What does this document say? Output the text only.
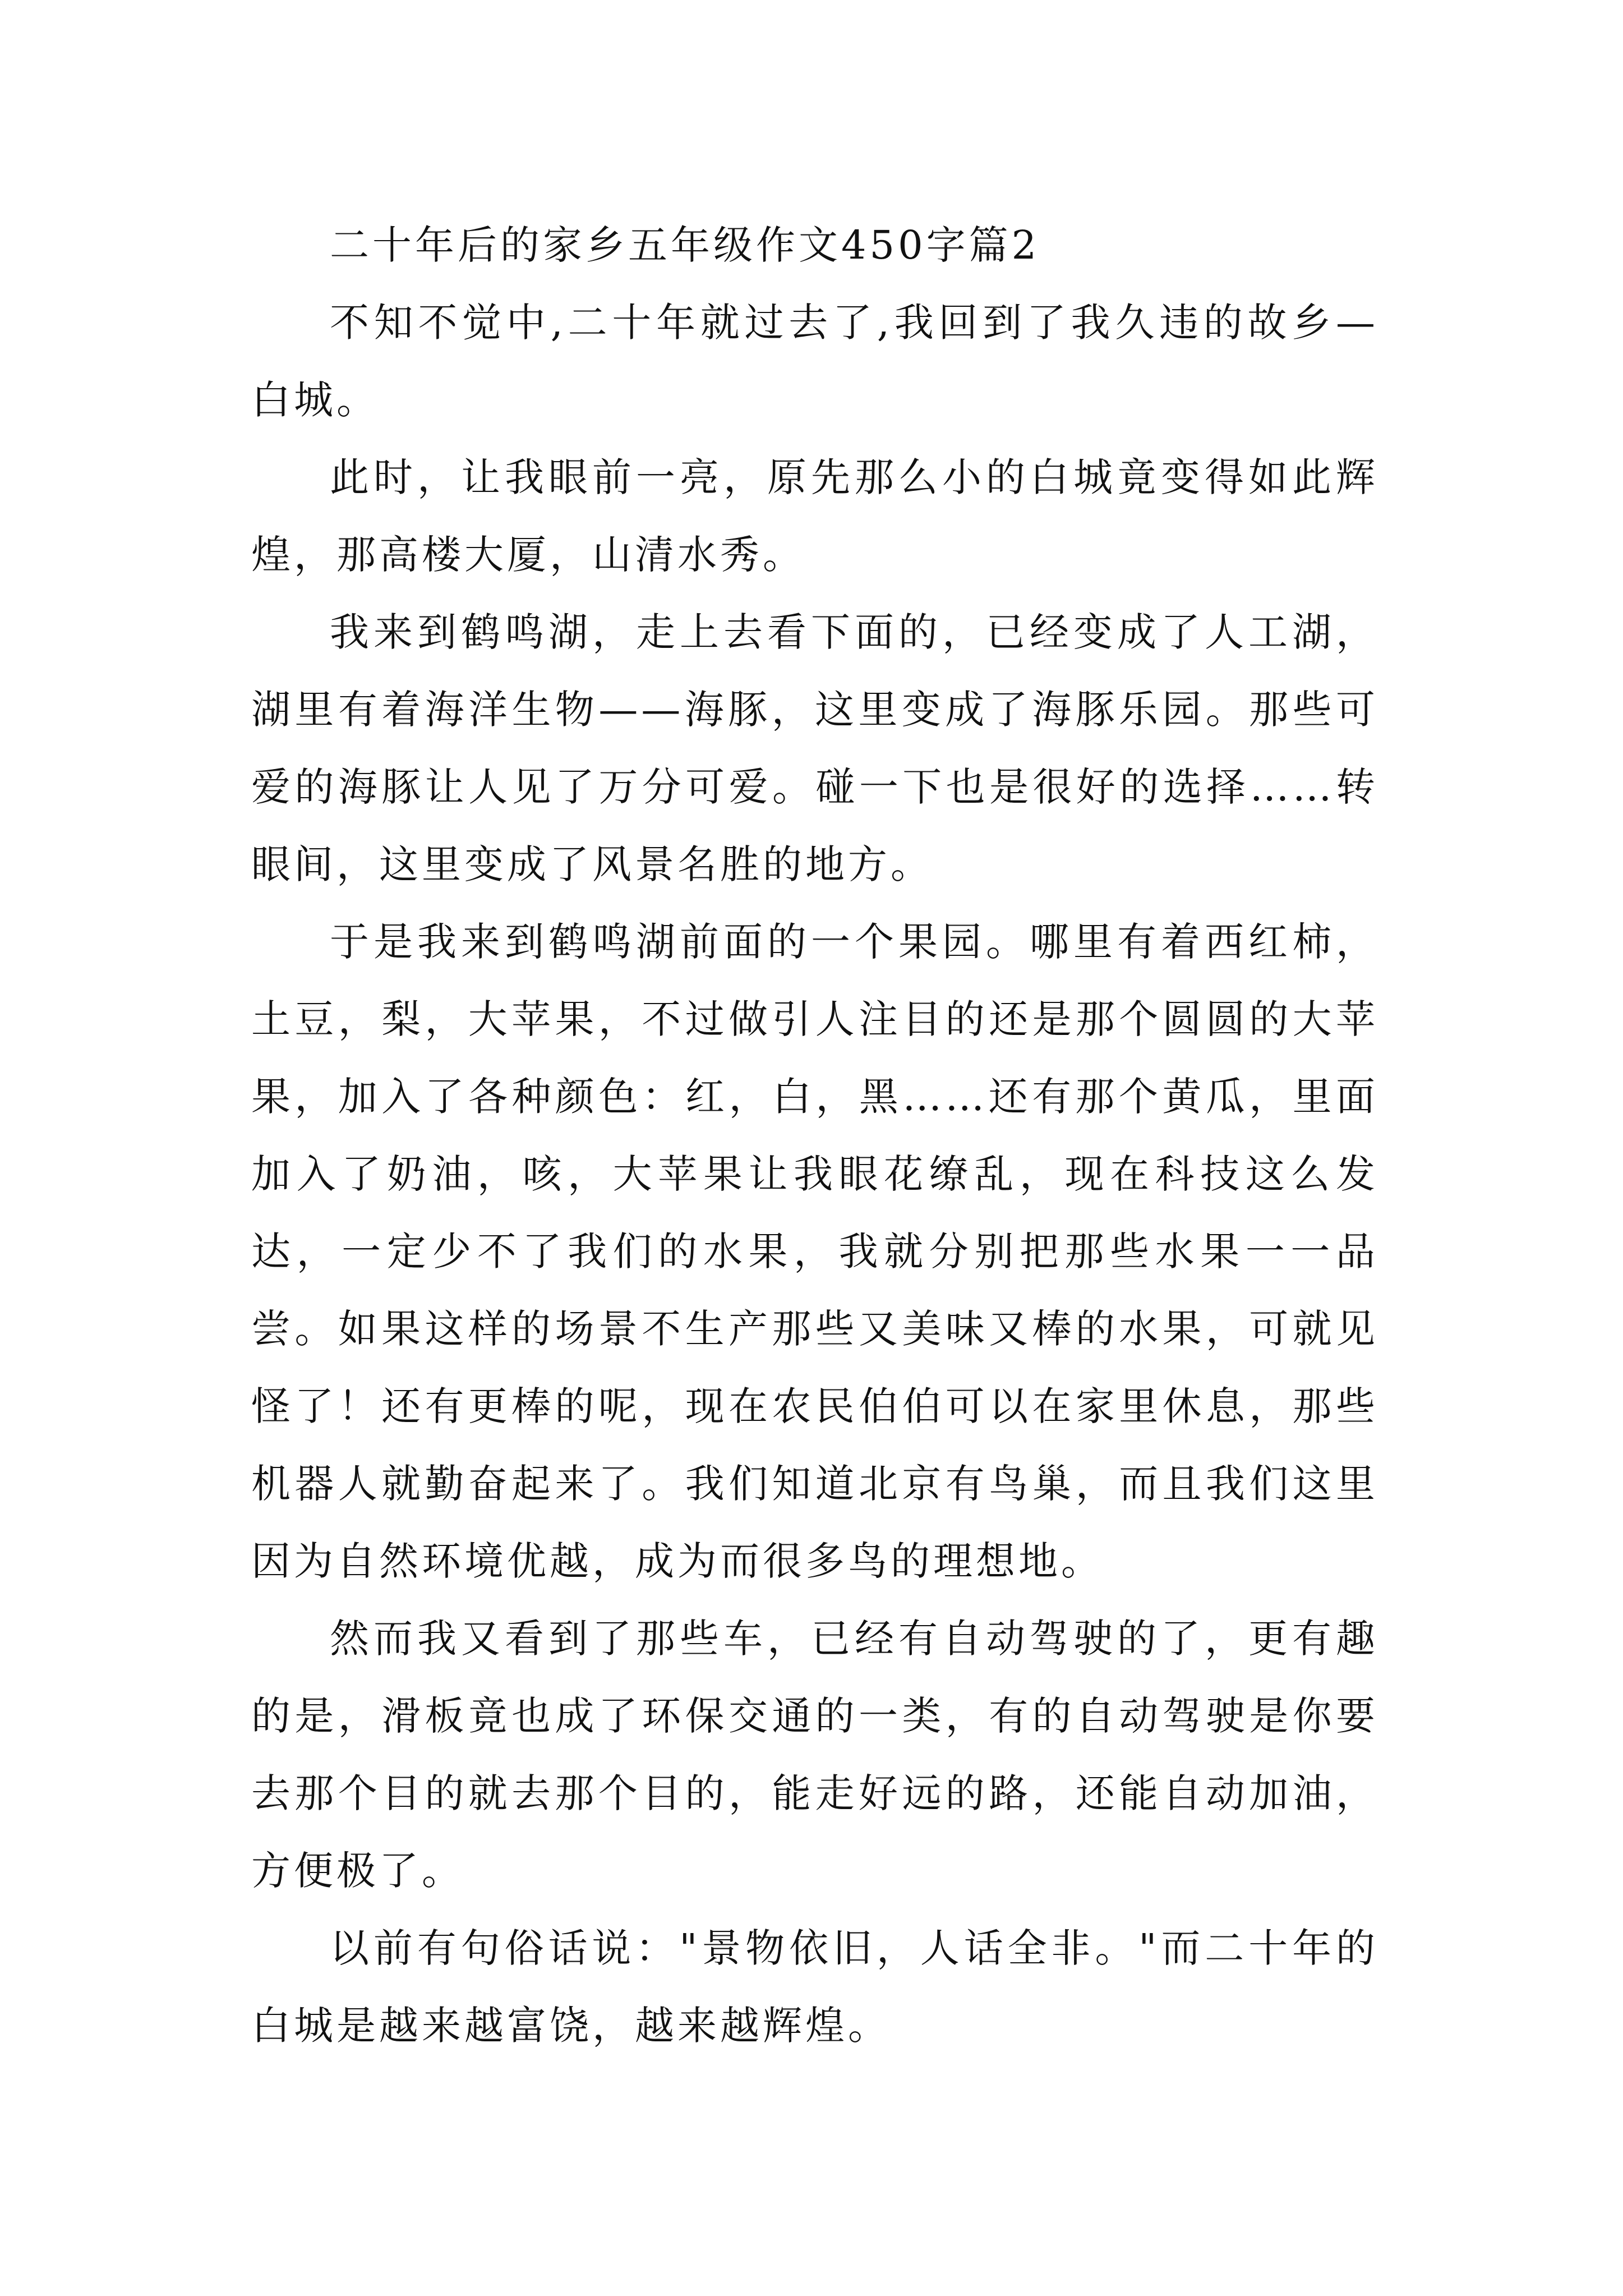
二十年后的家乡五年级作文450字篇2

不知不觉中,二十年就过去了,我回到了我久违的故乡—白城。

此时，让我眼前一亮，原先那么小的白城竟变得如此辉煌，那高楼大厦，山清水秀。

我来到鹤鸣湖，走上去看下面的，已经变成了人工湖，湖里有着海洋生物——海豚，这里变成了海豚乐园。那些可爱的海豚让人见了万分可爱。碰一下也是很好的选择……转眼间，这里变成了风景名胜的地方。

于是我来到鹤鸣湖前面的一个果园。哪里有着西红柿，土豆，梨，大苹果，不过做引人注目的还是那个圆圆的大苹果，加入了各种颜色：红，白，黑……还有那个黄瓜，里面加入了奶油，咳，大苹果让我眼花缭乱，现在科技这么发达，一定少不了我们的水果，我就分别把那些水果一一品尝。如果这样的场景不生产那些又美味又棒的水果，可就见怪了！还有更棒的呢，现在农民伯伯可以在家里休息，那些机器人就勤奋起来了。我们知道北京有鸟巢，而且我们这里因为自然环境优越，成为而很多鸟的理想地。

然而我又看到了那些车，已经有自动驾驶的了，更有趣的是，滑板竟也成了环保交通的一类，有的自动驾驶是你要去那个目的就去那个目的，能走好远的路，还能自动加油，方便极了。

以前有句俗话说："景物依旧，人话全非。"而二十年的白城是越来越富饶，越来越辉煌。
